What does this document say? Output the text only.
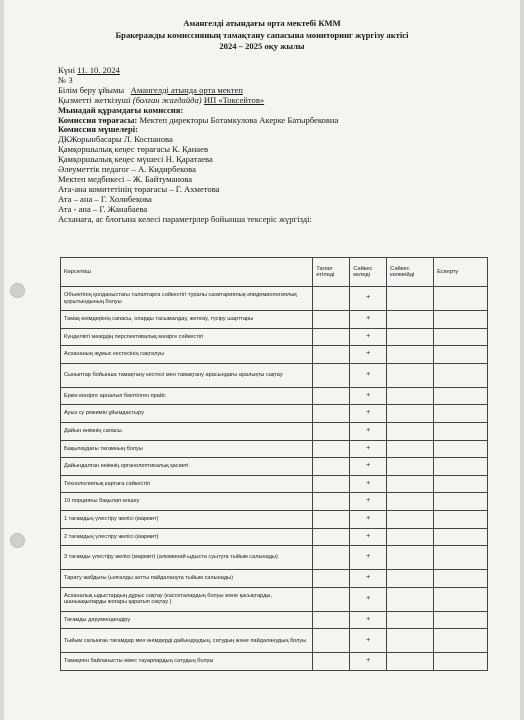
Амангелді атындағы орта мектебі КММ
Бракеражды комиссияның тамақтану сапасына мониторинг жүргізу актісі
2024 – 2025 оқу жылы
Күні 11. 10. 2024
№ 3
Білім беру ұйымы Амангелді атында орта мектеп
Қызметті жеткізуші (болған жағдайда) ИП «Токсейтов»
Мынадай құрамдағы комиссия:
Комиссия төрағасы: Мектеп директоры Ботамкулова Акерке Батырбековна
Комиссия мүшелері:
ДКЖорынбасары Л. Коспанова
Қамқоршылық кеңес төрағасы К. Қанаев
Қамқоршылық кеңес мүшесі Н. Қаратаева
Әлеуметтік педагог – А. Кидирбекова
Мектеп медбикесі – Ж. Байтуманова
Ата-ана комитетінің төрағасы – Г. Ахметова
Ата – ана – Г. Холибекова
Ата - ана – Г. Жанабаева
Асханаға, ас блогына келесі параметрлер бойынша тексеріс жүргізді:
Көрсеткіш	Талап етіледі	Сәйкес келеді	Сәйкес келмейді	Ескерту
Объектінің қолданыстағы талаптарға сәйкестігі туралы санитариялық-эпидемиологиялық қорытындының болуы		+		
Тамақ өнімдерінің сапасы, оларды тасымалдау, жеткізу, түсіру шарттары		+		
Күнделікті мәзірдің перспективалық мәзірге сәйкестігі		+		
Асхананың жұмыс кестесінің сақталуы		+		
Сыныптар бойынша тамақтану кестесі мен тамақтану арасындағы аралықты сақтау		+		
Еркін мәзірге арналып бекітілген прайс		+		
Ауыз су режимін ұйымдастыру		+		
Дайын өнімнің сапасы		+		
Бақылаудағы тағамның болуы		+		
Дайындалған өнімнің органолептикалық қасиеті		+		
Технологиялық картаға сәйкестігі		+		
10 порцияны бақылап өлшеу		+		
1 тағамдың үлестіру желісі (мармит)		+		
2 тағамдың үлестіру желісі (мармит)		+		
3 тағамды үлестіру желісі (мармит) (алюминий ыдыста суытуға тыйым салынады)		+		
Тарату жабдығы (ылғалды затты пайдалануға тыйым салынады)		+		
Асханалық ыдыстардың дұрыс сақтау (кассеталардың болуы және қасықтарды, шанышқыларды жоғары қаратып сақтау )		+		
Тағамды дәрумендендіру		+		
Тыйым салынған тағамдар мен өнімдерді дайындаудың, сатудың және пайдаланудың болуы		+		
Тамақпен байланысты емес тауарлардың сатудың болуы		+		
